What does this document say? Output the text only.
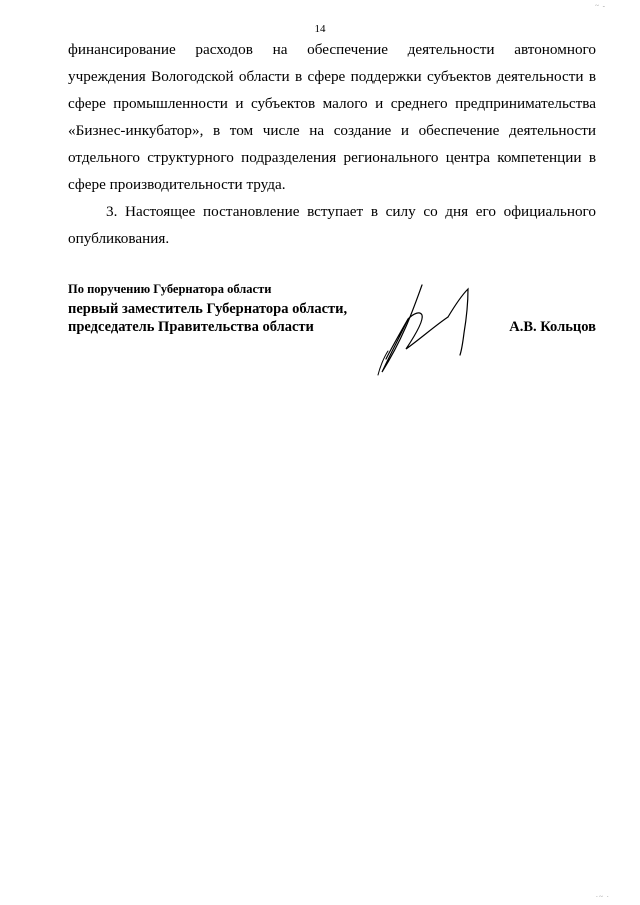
~ -
14

финансирование расходов на обеспечение деятельности автономного учреждения Вологодской области в сфере поддержки субъектов деятельности в сфере промышленности и субъектов малого и среднего предпринимательства «Бизнес-инкубатор», в том числе на создание и обеспечение деятельности отдельного структурного подразделения регионального центра компетенции в сфере производительности труда.

3. Настоящее постановление вступает в силу со дня его официального опубликования.

По поручению Губернатора области
первый заместитель Губернатора области,
председатель Правительства области	А.В. Кольцов
·~ ·
